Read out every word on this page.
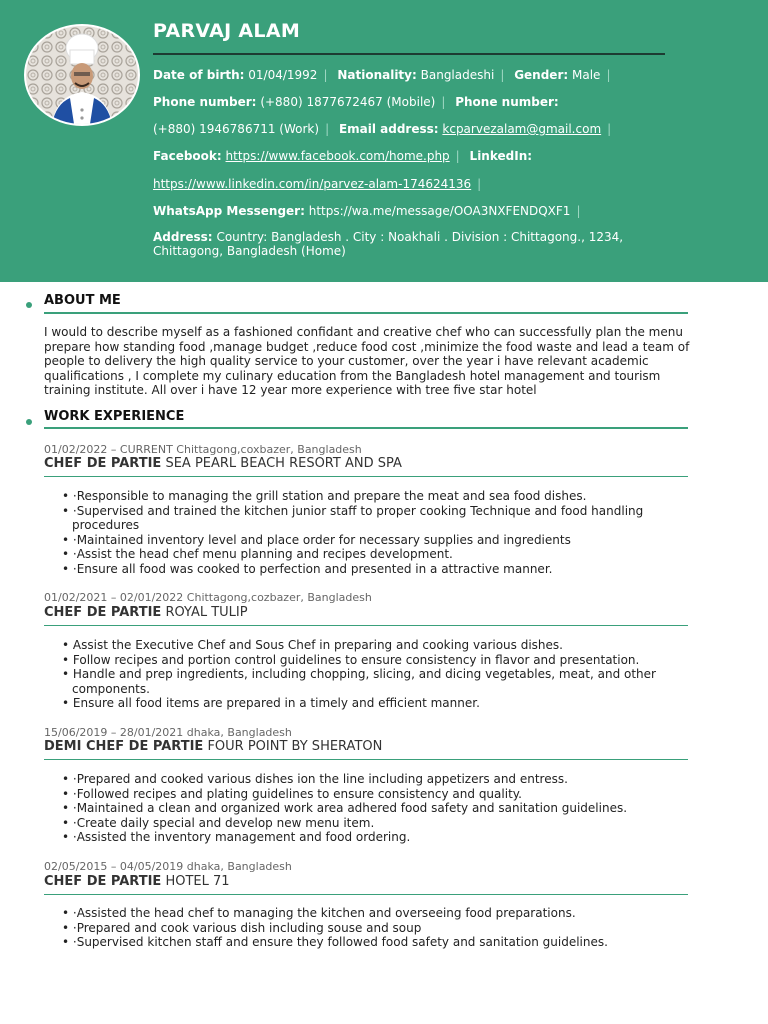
PARVAJ ALAM
Date of birth: 01/04/1992 | Nationality: Bangladeshi | Gender: Male |
Phone number: (+880) 1877672467 (Mobile) | Phone number:
(+880) 1946786711 (Work) | Email address: kcparvezalam@gmail.com |
Facebook: https://www.facebook.com/home.php | LinkedIn:
https://www.linkedin.com/in/parvez-alam-174624136 |
WhatsApp Messenger: https://wa.me/message/OOA3NXFENDQXF1 |
Address: Country: Bangladesh . City : Noakhali . Division : Chittagong., 1234,
Chittagong, Bangladesh (Home)
ABOUT ME
I would to describe myself as a fashioned confidant and creative chef who can successfully plan the menu
prepare how standing food ,manage budget ,reduce food cost ,minimize the food waste and lead a team of
people to delivery the high quality service to your customer, over the year i have relevant academic
qualifications , I complete my culinary education from the Bangladesh hotel management and tourism
training institute. All over i have 12 year more experience with tree five star hotel
WORK EXPERIENCE
01/02/2022 – CURRENT Chittagong,coxbazer, Bangladesh
CHEF DE PARTIE SEA PEARL BEACH RESORT AND SPA
• ·Responsible to managing the grill station and prepare the meat and sea food dishes.
• ·Supervised and trained the kitchen junior staff to proper cooking Technique and food handling
procedures
• ·Maintained inventory level and place order for necessary supplies and ingredients
• ·Assist the head chef menu planning and recipes development.
• ·Ensure all food was cooked to perfection and presented in a attractive manner.
01/02/2021 – 02/01/2022 Chittagong,cozbazer, Bangladesh
CHEF DE PARTIE ROYAL TULIP
• Assist the Executive Chef and Sous Chef in preparing and cooking various dishes.
• Follow recipes and portion control guidelines to ensure consistency in flavor and presentation.
• Handle and prep ingredients, including chopping, slicing, and dicing vegetables, meat, and other
components.
• Ensure all food items are prepared in a timely and efficient manner.
15/06/2019 – 28/01/2021 dhaka, Bangladesh
DEMI CHEF DE PARTIE FOUR POINT BY SHERATON
• ·Prepared and cooked various dishes ion the line including appetizers and entress.
• ·Followed recipes and plating guidelines to ensure consistency and quality.
• ·Maintained a clean and organized work area adhered food safety and sanitation guidelines.
• ·Create daily special and develop new menu item.
• ·Assisted the inventory management and food ordering.
02/05/2015 – 04/05/2019 dhaka, Bangladesh
CHEF DE PARTIE HOTEL 71
• ·Assisted the head chef to managing the kitchen and overseeing food preparations.
• ·Prepared and cook various dish including souse and soup
• ·Supervised kitchen staff and ensure they followed food safety and sanitation guidelines.
